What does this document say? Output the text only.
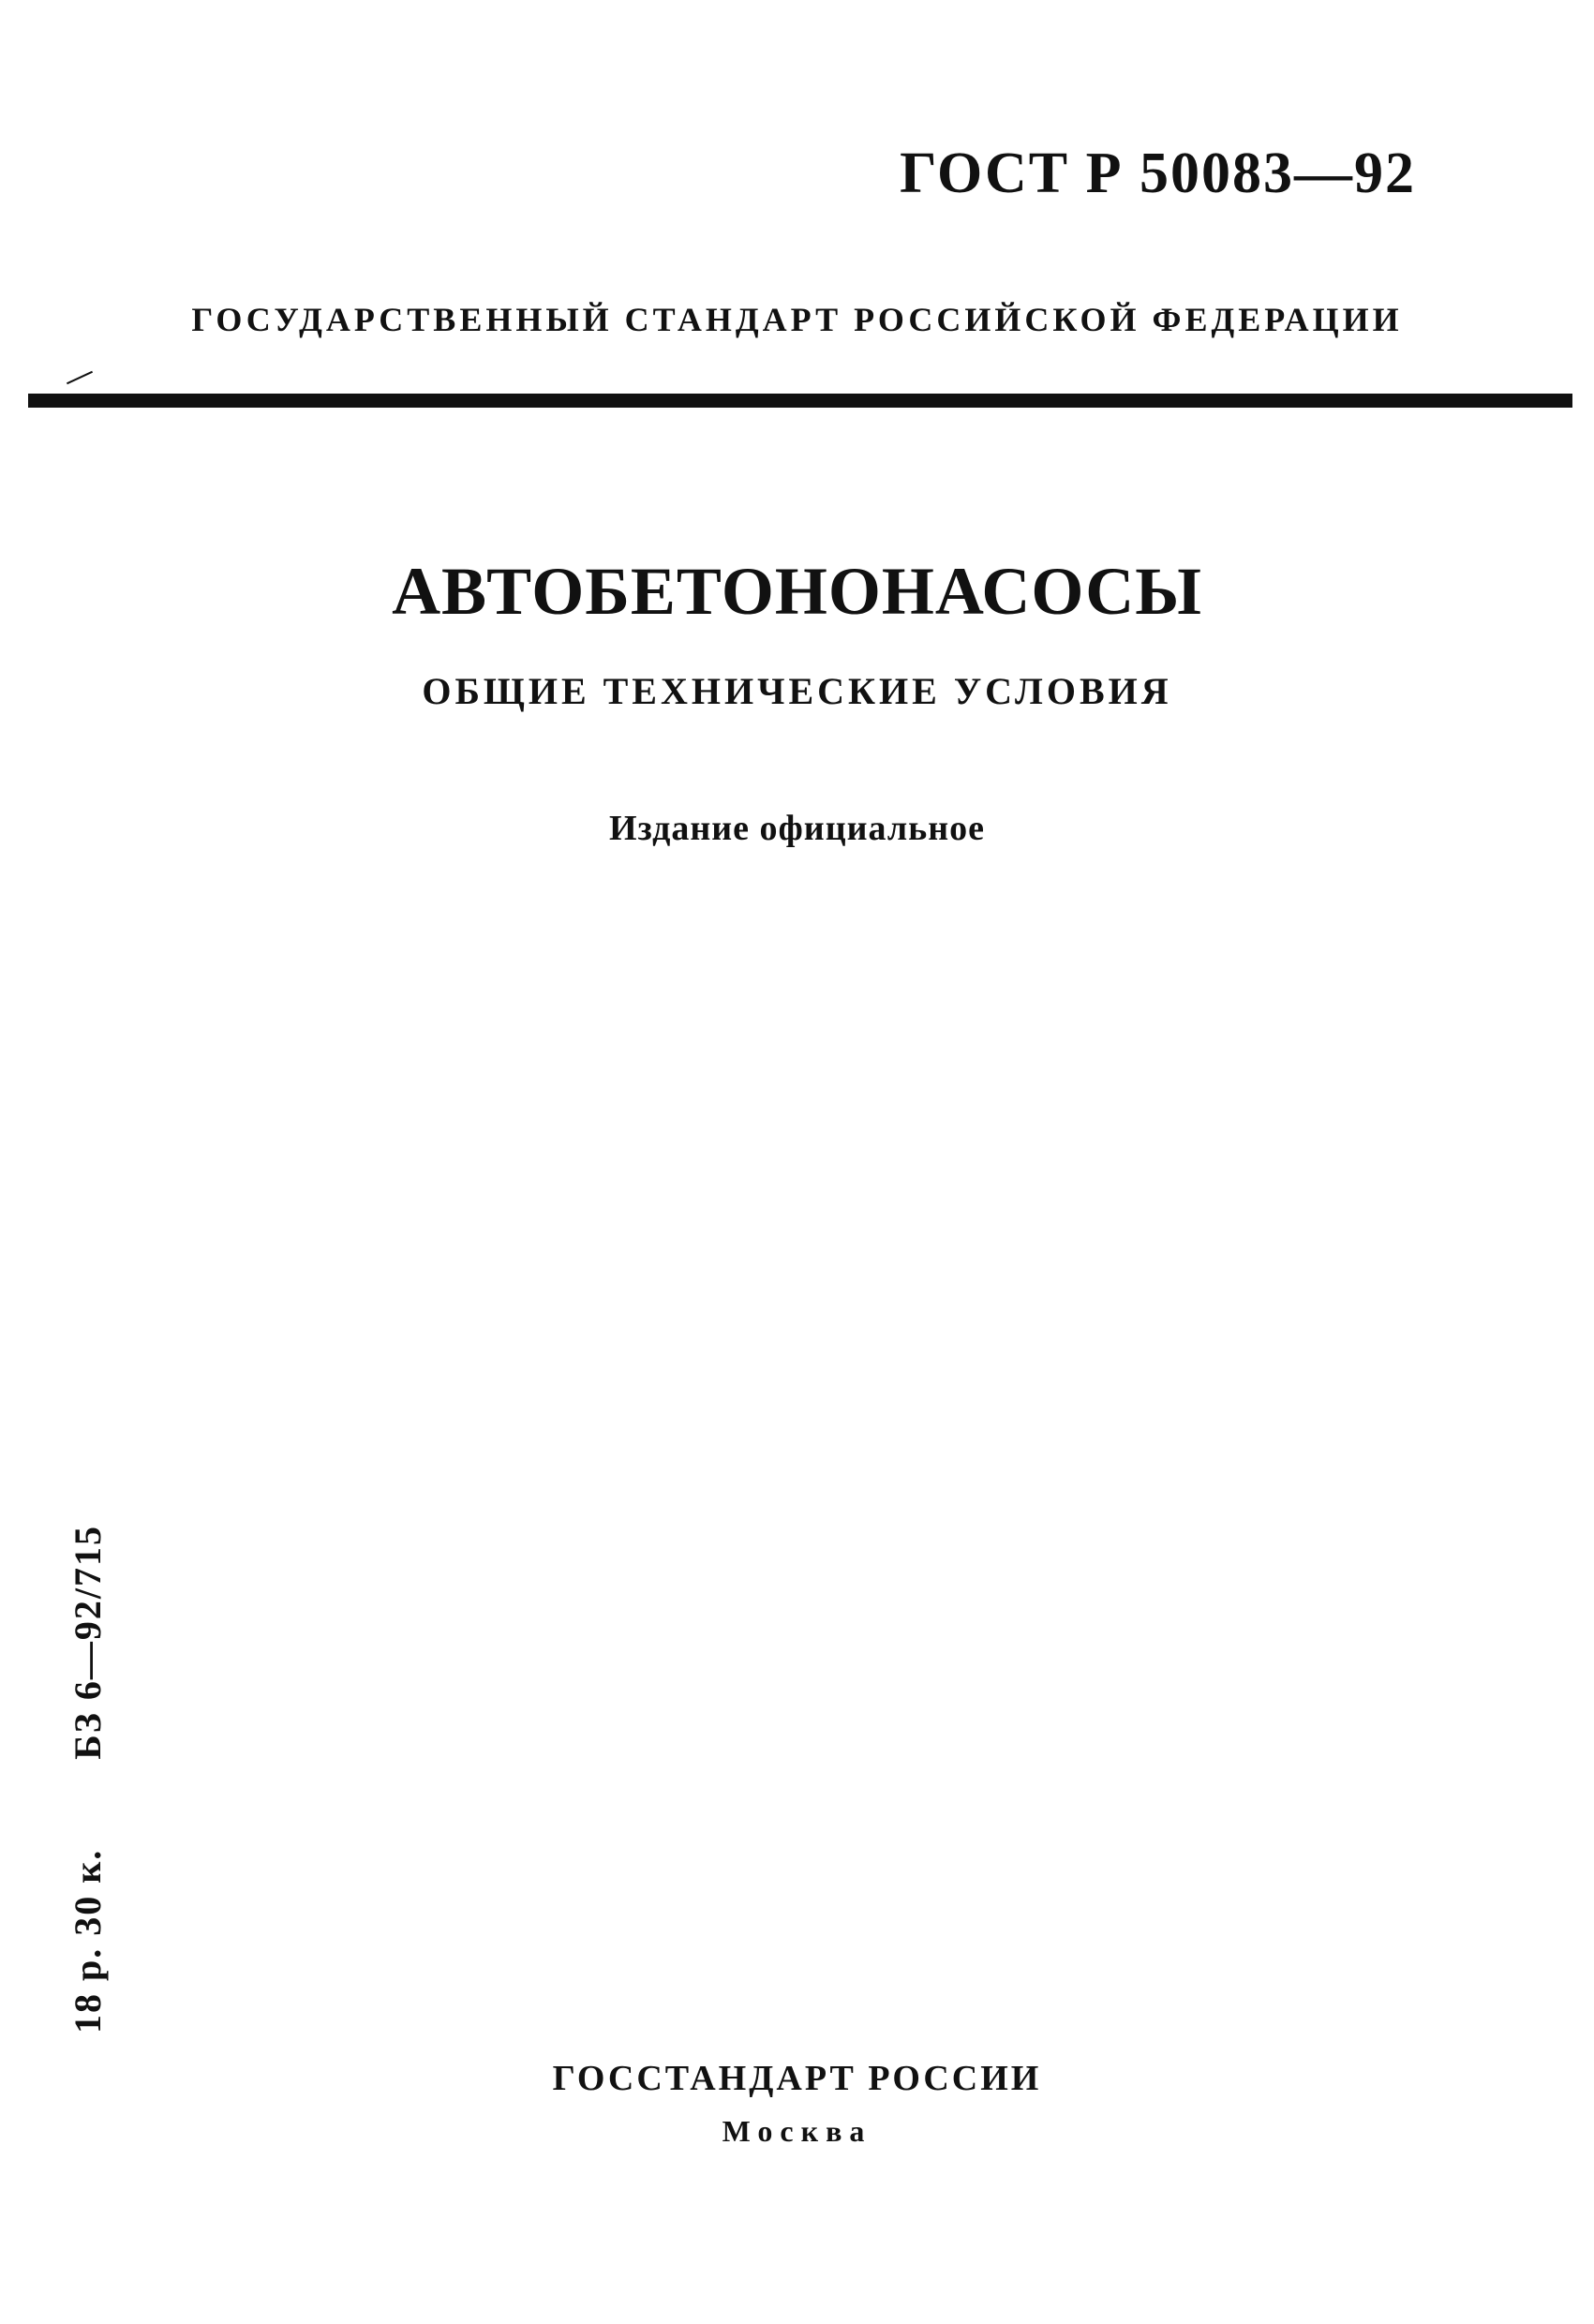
ГОСТ Р 50083—92
ГОСУДАРСТВЕННЫЙ СТАНДАРТ РОССИЙСКОЙ ФЕДЕРАЦИИ
АВТОБЕТОНОНАСОСЫ
ОБЩИЕ ТЕХНИЧЕСКИЕ УСЛОВИЯ
Издание официальное
18 р. 30 к.БЗ 6—92/715
ГОССТАНДАРТ РОССИИ
Москва
